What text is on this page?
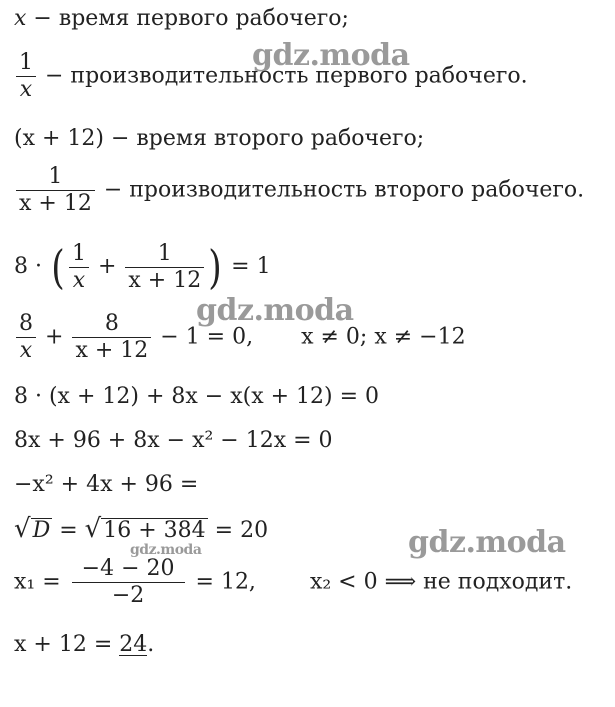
gdz.moda
gdz.moda
gdz.moda
gdz.moda
x − время первого рабочего;
$\frac{1}{x}$ − производительность первого рабочего.
(x + 12) − время второго рабочего;
$\frac{1}{x + 12}$ − производительность второго рабочего.
8 · ( $\frac{1}{x} + \frac{1}{x + 12}$ ) = 1
$\frac{8}{x} + \frac{8}{x + 12} - 1 = 0$, x ≠ 0; x ≠ −12
8 · (x + 12) + 8x − x(x + 12) = 0
8x + 96 + 8x − x² − 12x = 0
−x² + 4x + 96 =
√D = √16 + 384 = 20
$x_1 = \frac{-4 - 20}{-2} = 12$, x₂ < 0 ⟹ не подходит.
x + 12 = 24.
